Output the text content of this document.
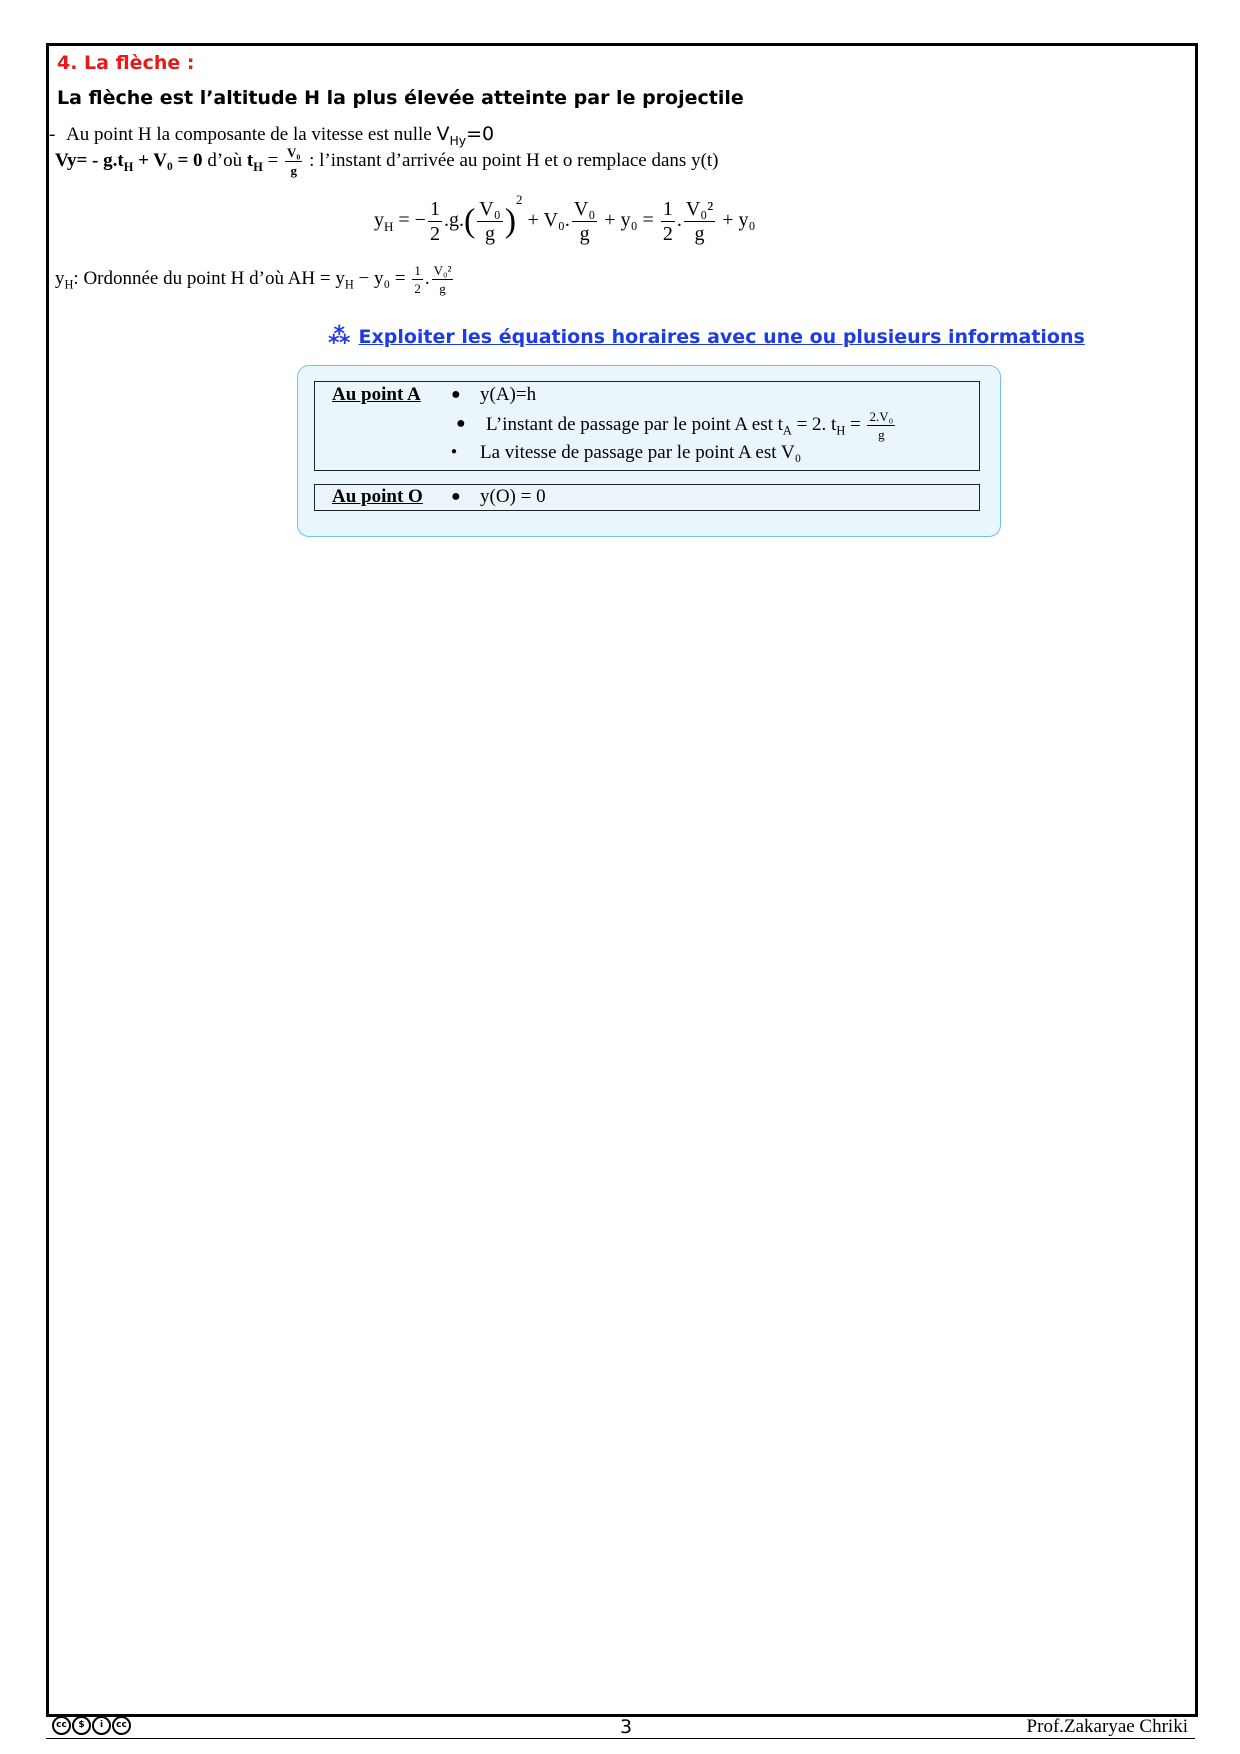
4. La flèche :
La flèche est l’altitude H la plus élevée atteinte par le projectile
- Au point H la composante de la vitesse est nulle $V_{Hy}=0$
$Vy= - g.t_H + V_0 = 0$ d’où $t_H = \frac{\text{V₀}}{g}$ : l’instant d’arrivée au point H et o remplace dans y(t)
$y_H$ = − $\frac{1}{2} .g.( \frac{\text{V₀}}{g} )^2 + V_0$. $\frac{\text{V₀}}{g} + y_0 = \frac{1}{2}$ . $\frac{\text{V₀²}}{g} + y_0$
$y_H$: Ordonnée du point H d’où AH = $y_H - y_0 = \frac{1}{2}$ . $\frac{\text{V₀²}}{g}$
⁂ Exploiter les équations horaires avec une ou plusieurs informations
Au point A ● y(A)=h
● L’instant de passage par le point A est $t_A = 2$. $t_H = \frac{\text{2.V₀}}{g}$
● La vitesse de passage par le point A est V₀
Au point O ● y(O) = 0
cc	$	i	cc	3	Prof.Zakaryae Chriki
